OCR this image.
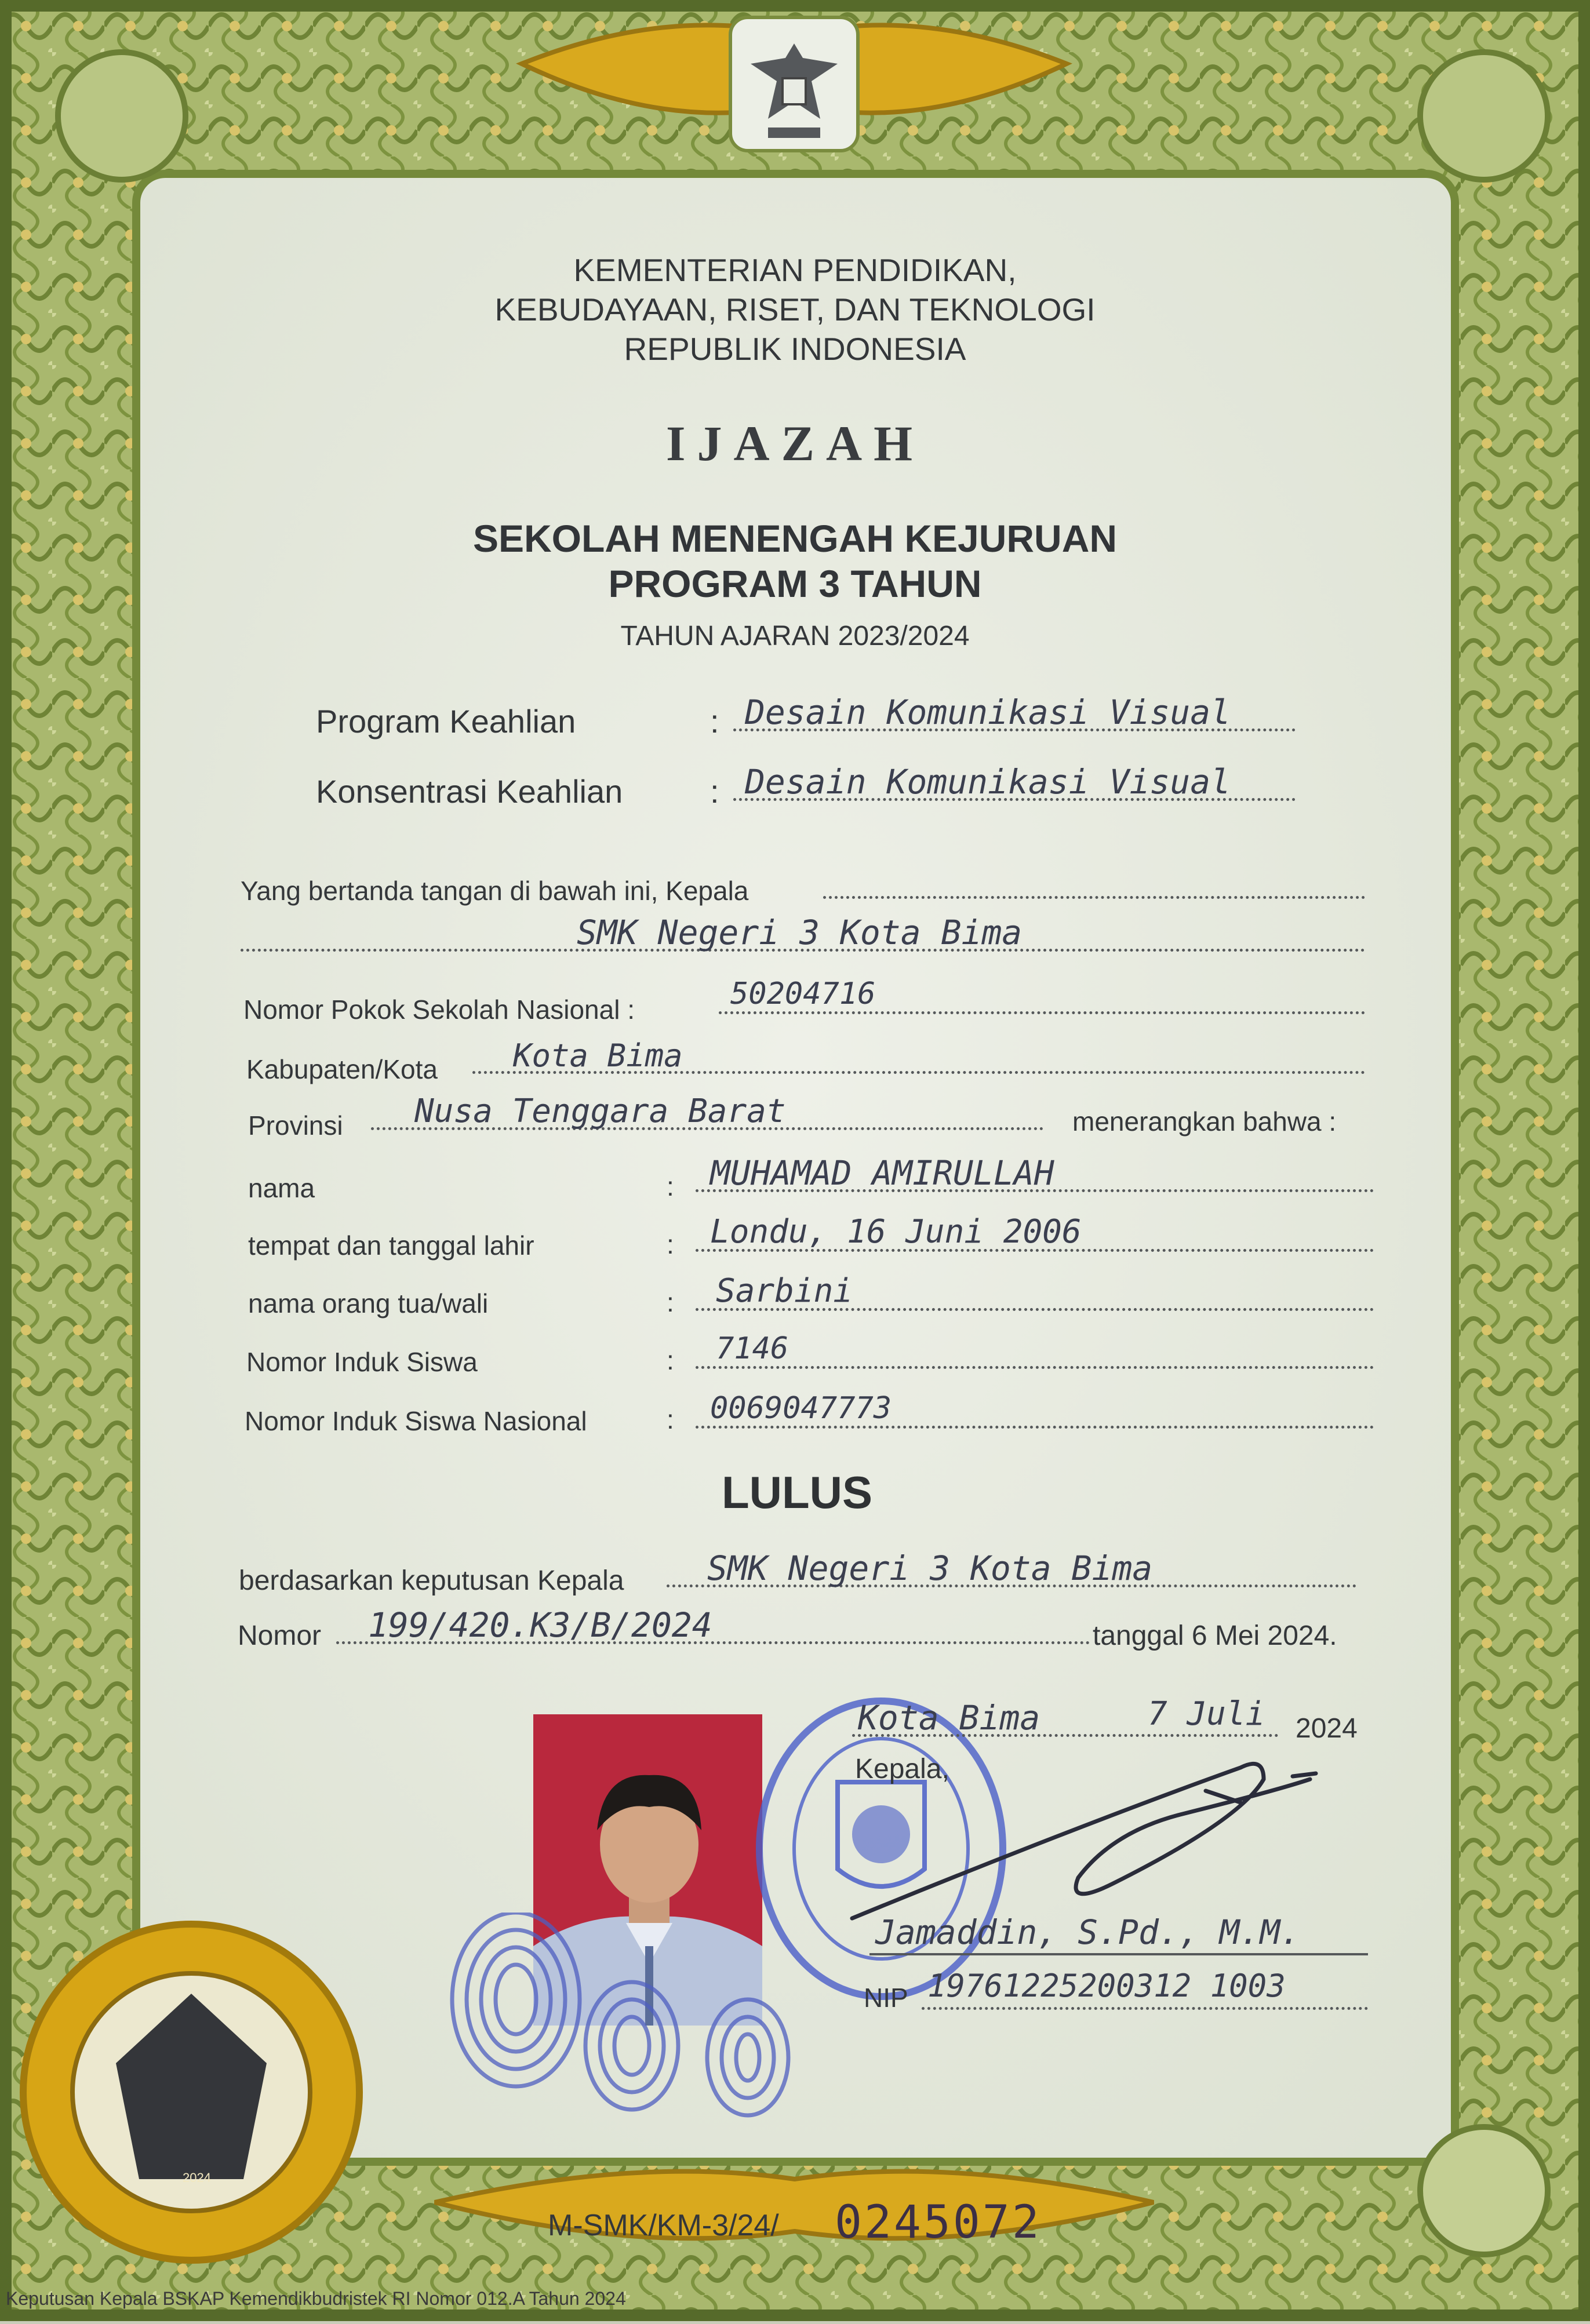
KEMENTERIAN PENDIDIKAN,
KEBUDAYAAN, RISET, DAN TEKNOLOGI
REPUBLIK INDONESIA
IJAZAH
SEKOLAH MENENGAH KEJURUAN
PROGRAM 3 TAHUN
TAHUN AJARAN 2023/2024
Program Keahlian	: Desain Komunikasi Visual
Konsentrasi Keahlian	: Desain Komunikasi Visual
Yang bertanda tangan di bawah ini, Kepala
SMK Negeri 3 Kota Bima
Nomor Pokok Sekolah Nasional :	50204716
Kabupaten/Kota Kota Bima
Provinsi Nusa Tenggara Barat	menerangkan bahwa :
nama	: MUHAMAD AMIRULLAH
tempat dan tanggal lahir	: Londu, 16 Juni 2006
nama orang tua/wali	: Sarbini
Nomor Induk Siswa	: 7146
Nomor Induk Siswa Nasional	: 0069047773
LULUS
berdasarkan keputusan Kepala SMK Negeri 3 Kota Bima
Nomor 199/420.K3/B/2024	tanggal 6 Mei 2024.
Kota Bima	7 Juli 2024
Kepala,
Jamaddin, S.Pd., M.M.
NIP 19761225200312 1003
2024
M-SMK/KM-3/24/ 0245072
Keputusan Kepala BSKAP Kemendikbudristek RI Nomor 012.A Tahun 2024
